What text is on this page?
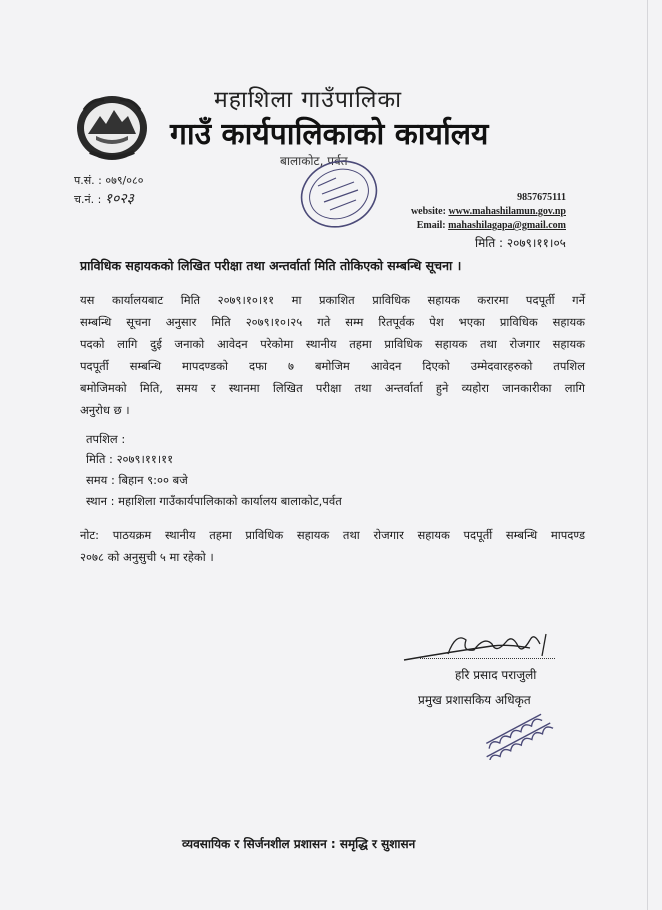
महाशिला गाउँपालिका
गाउँ कार्यपालिकाको कार्यालय
बालाकोट, पर्वत
प.सं. : ०७९/०८०
च.नं. : १०२३	9857675111
website: www.mahashilamun.gov.np
Email: mahashilagapa@gmail.com
मिति : २०७९।११।०५
प्राविधिक सहायकको लिखित परीक्षा तथा अन्तर्वार्ता मिति तोकिएको सम्बन्धि सूचना ।

यस कार्यालयबाट मिति २०७९।१०।११ मा प्रकाशित प्राविधिक सहायक करारमा पदपूर्ती गर्ने

सम्बन्धि सूचना अनुसार मिति २०७९।१०।२५ गते सम्म रितपूर्वक पेश भएका प्राविधिक सहायक

पदको लागि दुई जनाको आवेदन परेकोमा स्थानीय तहमा प्राविधिक सहायक तथा रोजगार सहायक

पदपूर्ती सम्बन्धि मापदण्डको दफा ७ बमोजिम आवेदन दिएको उम्मेदवारहरुको तपशिल

बमोजिमको मिति, समय र स्थानमा लिखित परीक्षा तथा अन्तर्वार्ता हुने व्यहोरा जानकारीका लागि

अनुरोध छ ।

तपशिल :
मिति : २०७९।११।११
समय : बिहान ९:०० बजे
स्थान : महाशिला गाउँकार्यपालिकाको कार्यालय बालाकोट,पर्वत

नोट: पाठयक्रम स्थानीय तहमा प्राविधिक सहायक तथा रोजगार सहायक पदपूर्ती सम्बन्धि मापदण्ड

२०७८ को अनुसुची ५ मा रहेको ।

हरि प्रसाद पराजुली
प्रमुख प्रशासकिय अधिकृत
व्यवसायिक र सिर्जनशील प्रशासन : समृद्धि र सुशासन
